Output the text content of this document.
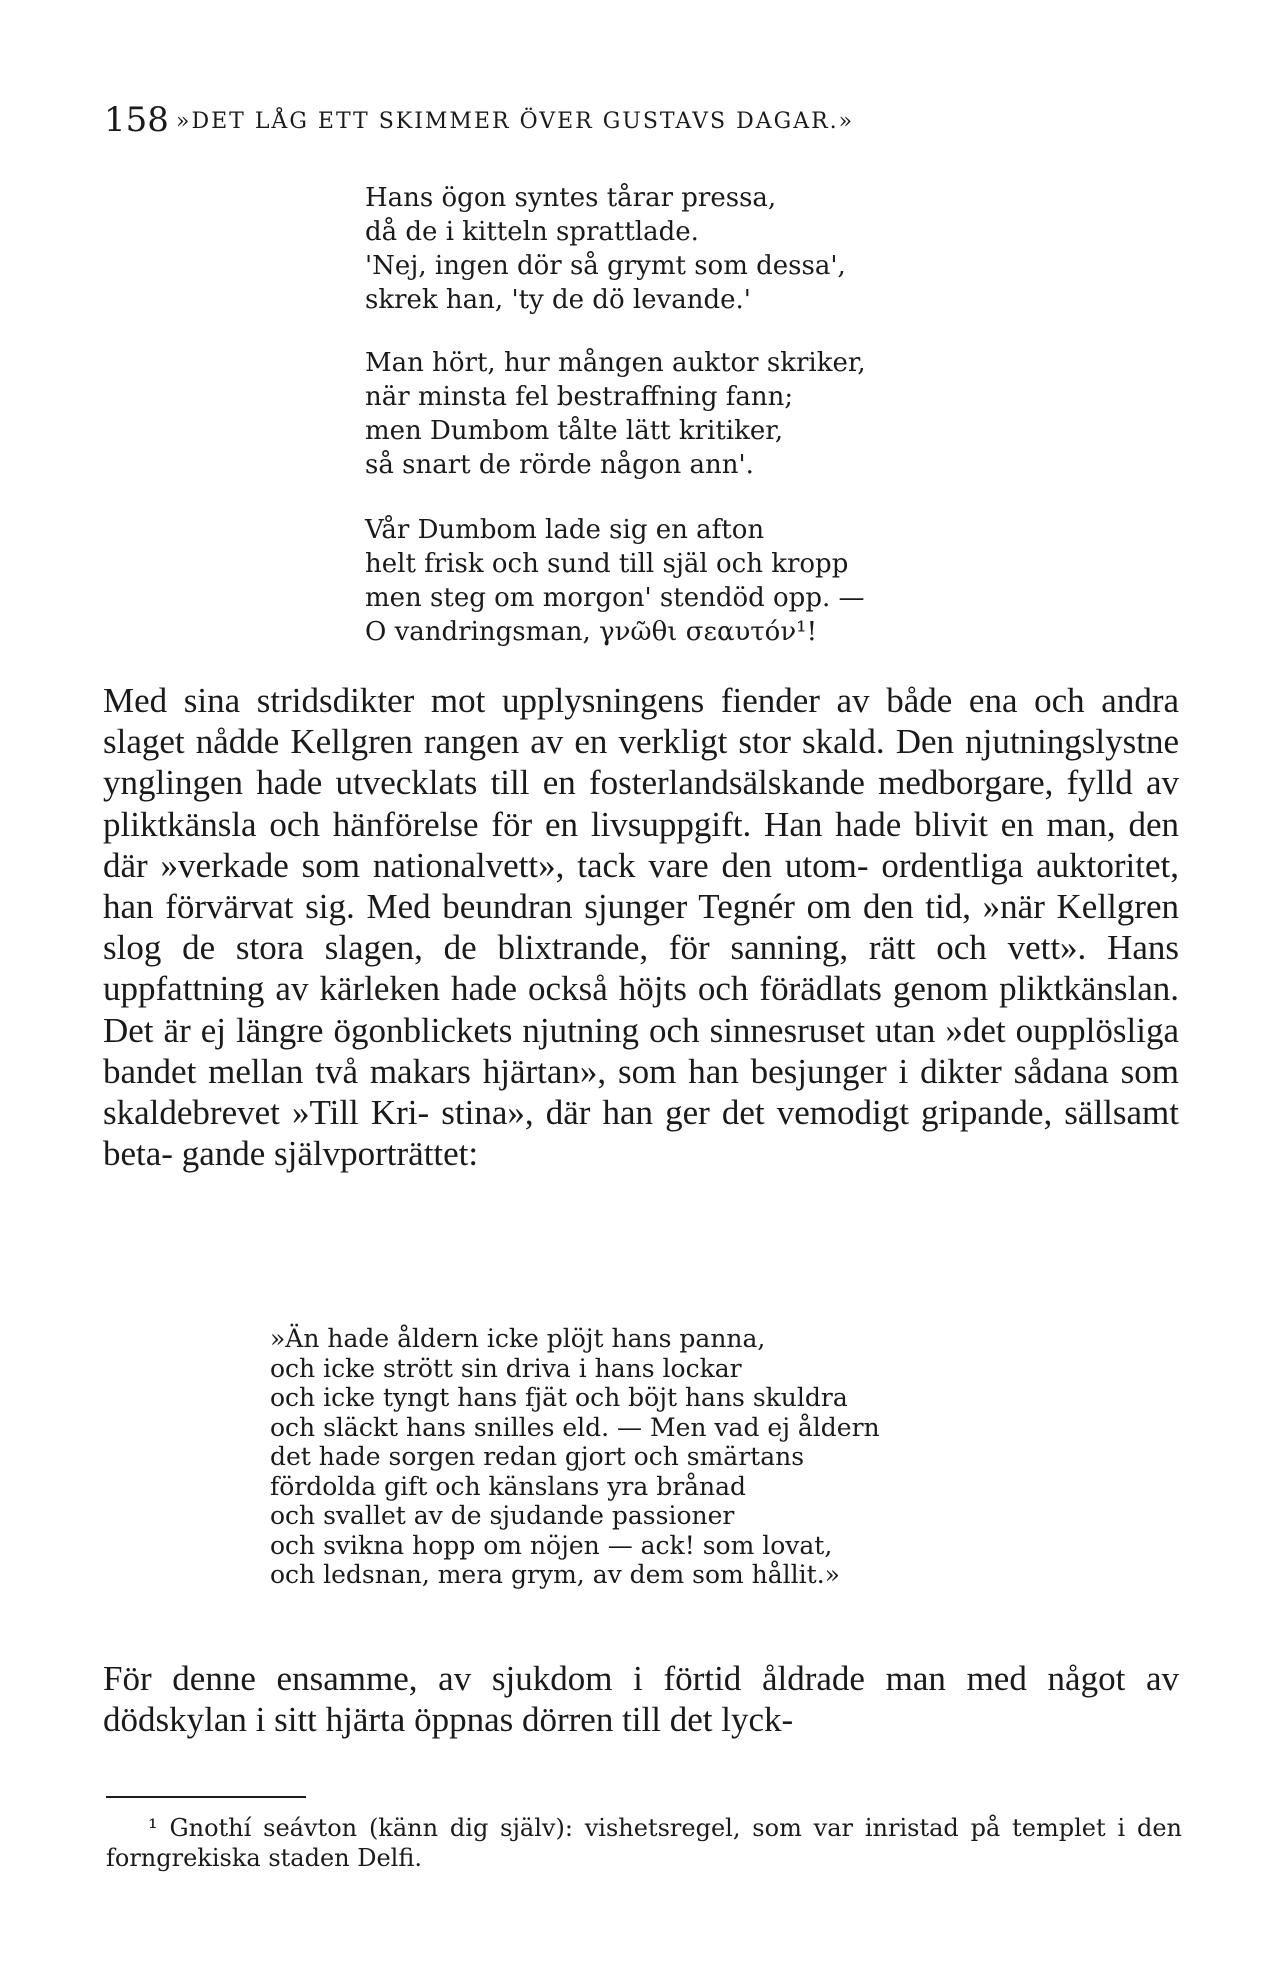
158 »DET LÅG ETT SKIMMER ÖVER GUSTAVS DAGAR.»
Hans ögon syntes tårar pressa,
då de i kitteln sprattlade.
'Nej, ingen dör så grymt som dessa',
skrek han, 'ty de dö levande.'
Man hört, hur mången auktor skriker,
när minsta fel bestraffning fann;
men Dumbom tålte lätt kritiker,
så snart de rörde någon ann'.
Vår Dumbom lade sig en afton
helt frisk och sund till själ och kropp
men steg om morgon' stendöd opp. —
O vandringsman, γνῶθι σεαυτόν¹!

Med sina stridsdikter mot upplysningens fiender av både ena och andra slaget nådde Kellgren rangen av en verkligt stor skald. Den njutningslystne ynglingen hade utvecklats till en fosterlandsälskande medborgare, fylld av pliktkänsla och hänförelse för en livsuppgift. Han hade blivit en man, den där »verkade som nationalvett», tack vare den utom- ordentliga auktoritet, han förvärvat sig. Med beundran sjunger Tegnér om den tid, »när Kellgren slog de stora slagen, de blixtrande, för sanning, rätt och vett». Hans uppfattning av kärleken hade också höjts och förädlats genom pliktkänslan. Det är ej längre ögonblickets njutning och sinnesruset utan »det oupplösliga bandet mellan två makars hjärtan», som han besjunger i dikter sådana som skaldebrevet »Till Kri- stina», där han ger det vemodigt gripande, sällsamt beta- gande självporträttet:

»Än hade åldern icke plöjt hans panna,
och icke strött sin driva i hans lockar
och icke tyngt hans fjät och böjt hans skuldra
och släckt hans snilles eld. — Men vad ej åldern
det hade sorgen redan gjort och smärtans
fördolda gift och känslans yra brånad
och svallet av de sjudande passioner
och svikna hopp om nöjen — ack! som lovat,
och ledsnan, mera grym, av dem som hållit.»

För denne ensamme, av sjukdom i förtid åldrade man med något av dödskylan i sitt hjärta öppnas dörren till det lyck-

¹ Gnothí seávton (känn dig själv): vishetsregel, som var inristad på templet i den forngrekiska staden Delfi.
